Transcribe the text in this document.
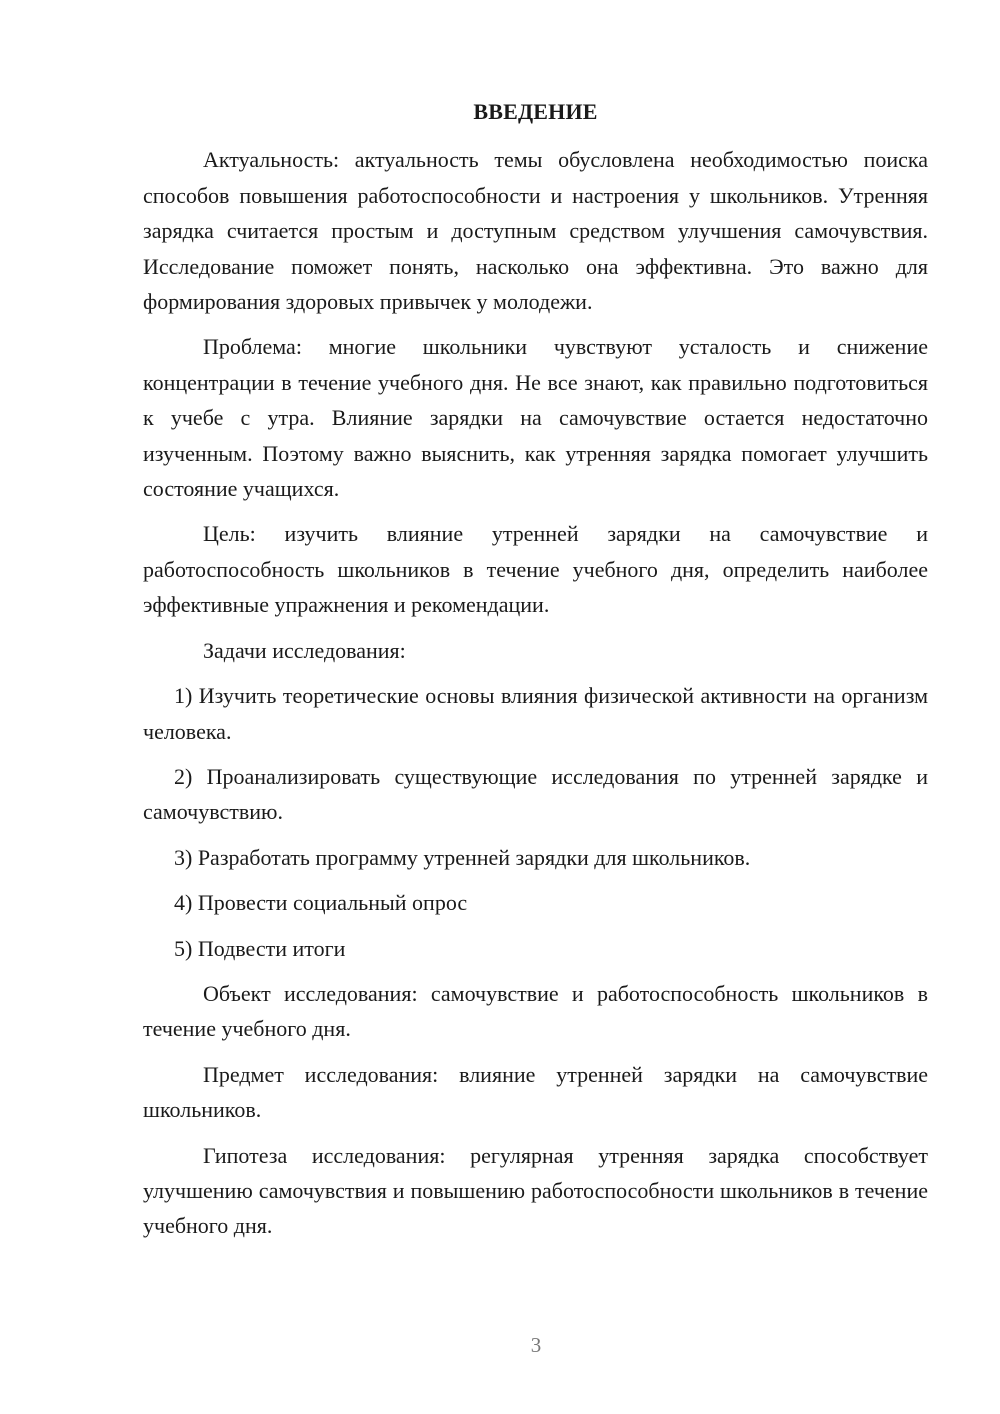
ВВЕДЕНИЕ

Актуальность: актуальность темы обусловлена необходимостью поиска способов повышения работоспособности и настроения у школьников. Утренняя зарядка считается простым и доступным средством улучшения самочувствия. Исследование поможет понять, насколько она эффективна. Это важно для формирования здоровых привычек у молодежи.

Проблема: многие школьники чувствуют усталость и снижение концентрации в течение учебного дня. Не все знают, как правильно подготовиться к учебе с утра. Влияние зарядки на самочувствие остается недостаточно изученным. Поэтому важно выяснить, как утренняя зарядка помогает улучшить состояние учащихся.

Цель: изучить влияние утренней зарядки на самочувствие и работоспособность школьников в течение учебного дня, определить наиболее эффективные упражнения и рекомендации.

Задачи исследования:

1) Изучить теоретические основы влияния физической активности на организм человека.

2) Проанализировать существующие исследования по утренней зарядке и самочувствию.

3) Разработать программу утренней зарядки для школьников.

4) Провести социальный опрос

5) Подвести итоги

Объект исследования: самочувствие и работоспособность школьников в течение учебного дня.

Предмет исследования: влияние утренней зарядки на самочувствие школьников.

Гипотеза исследования: регулярная утренняя зарядка способствует улучшению самочувствия и повышению работоспособности школьников в течение учебного дня.

3
